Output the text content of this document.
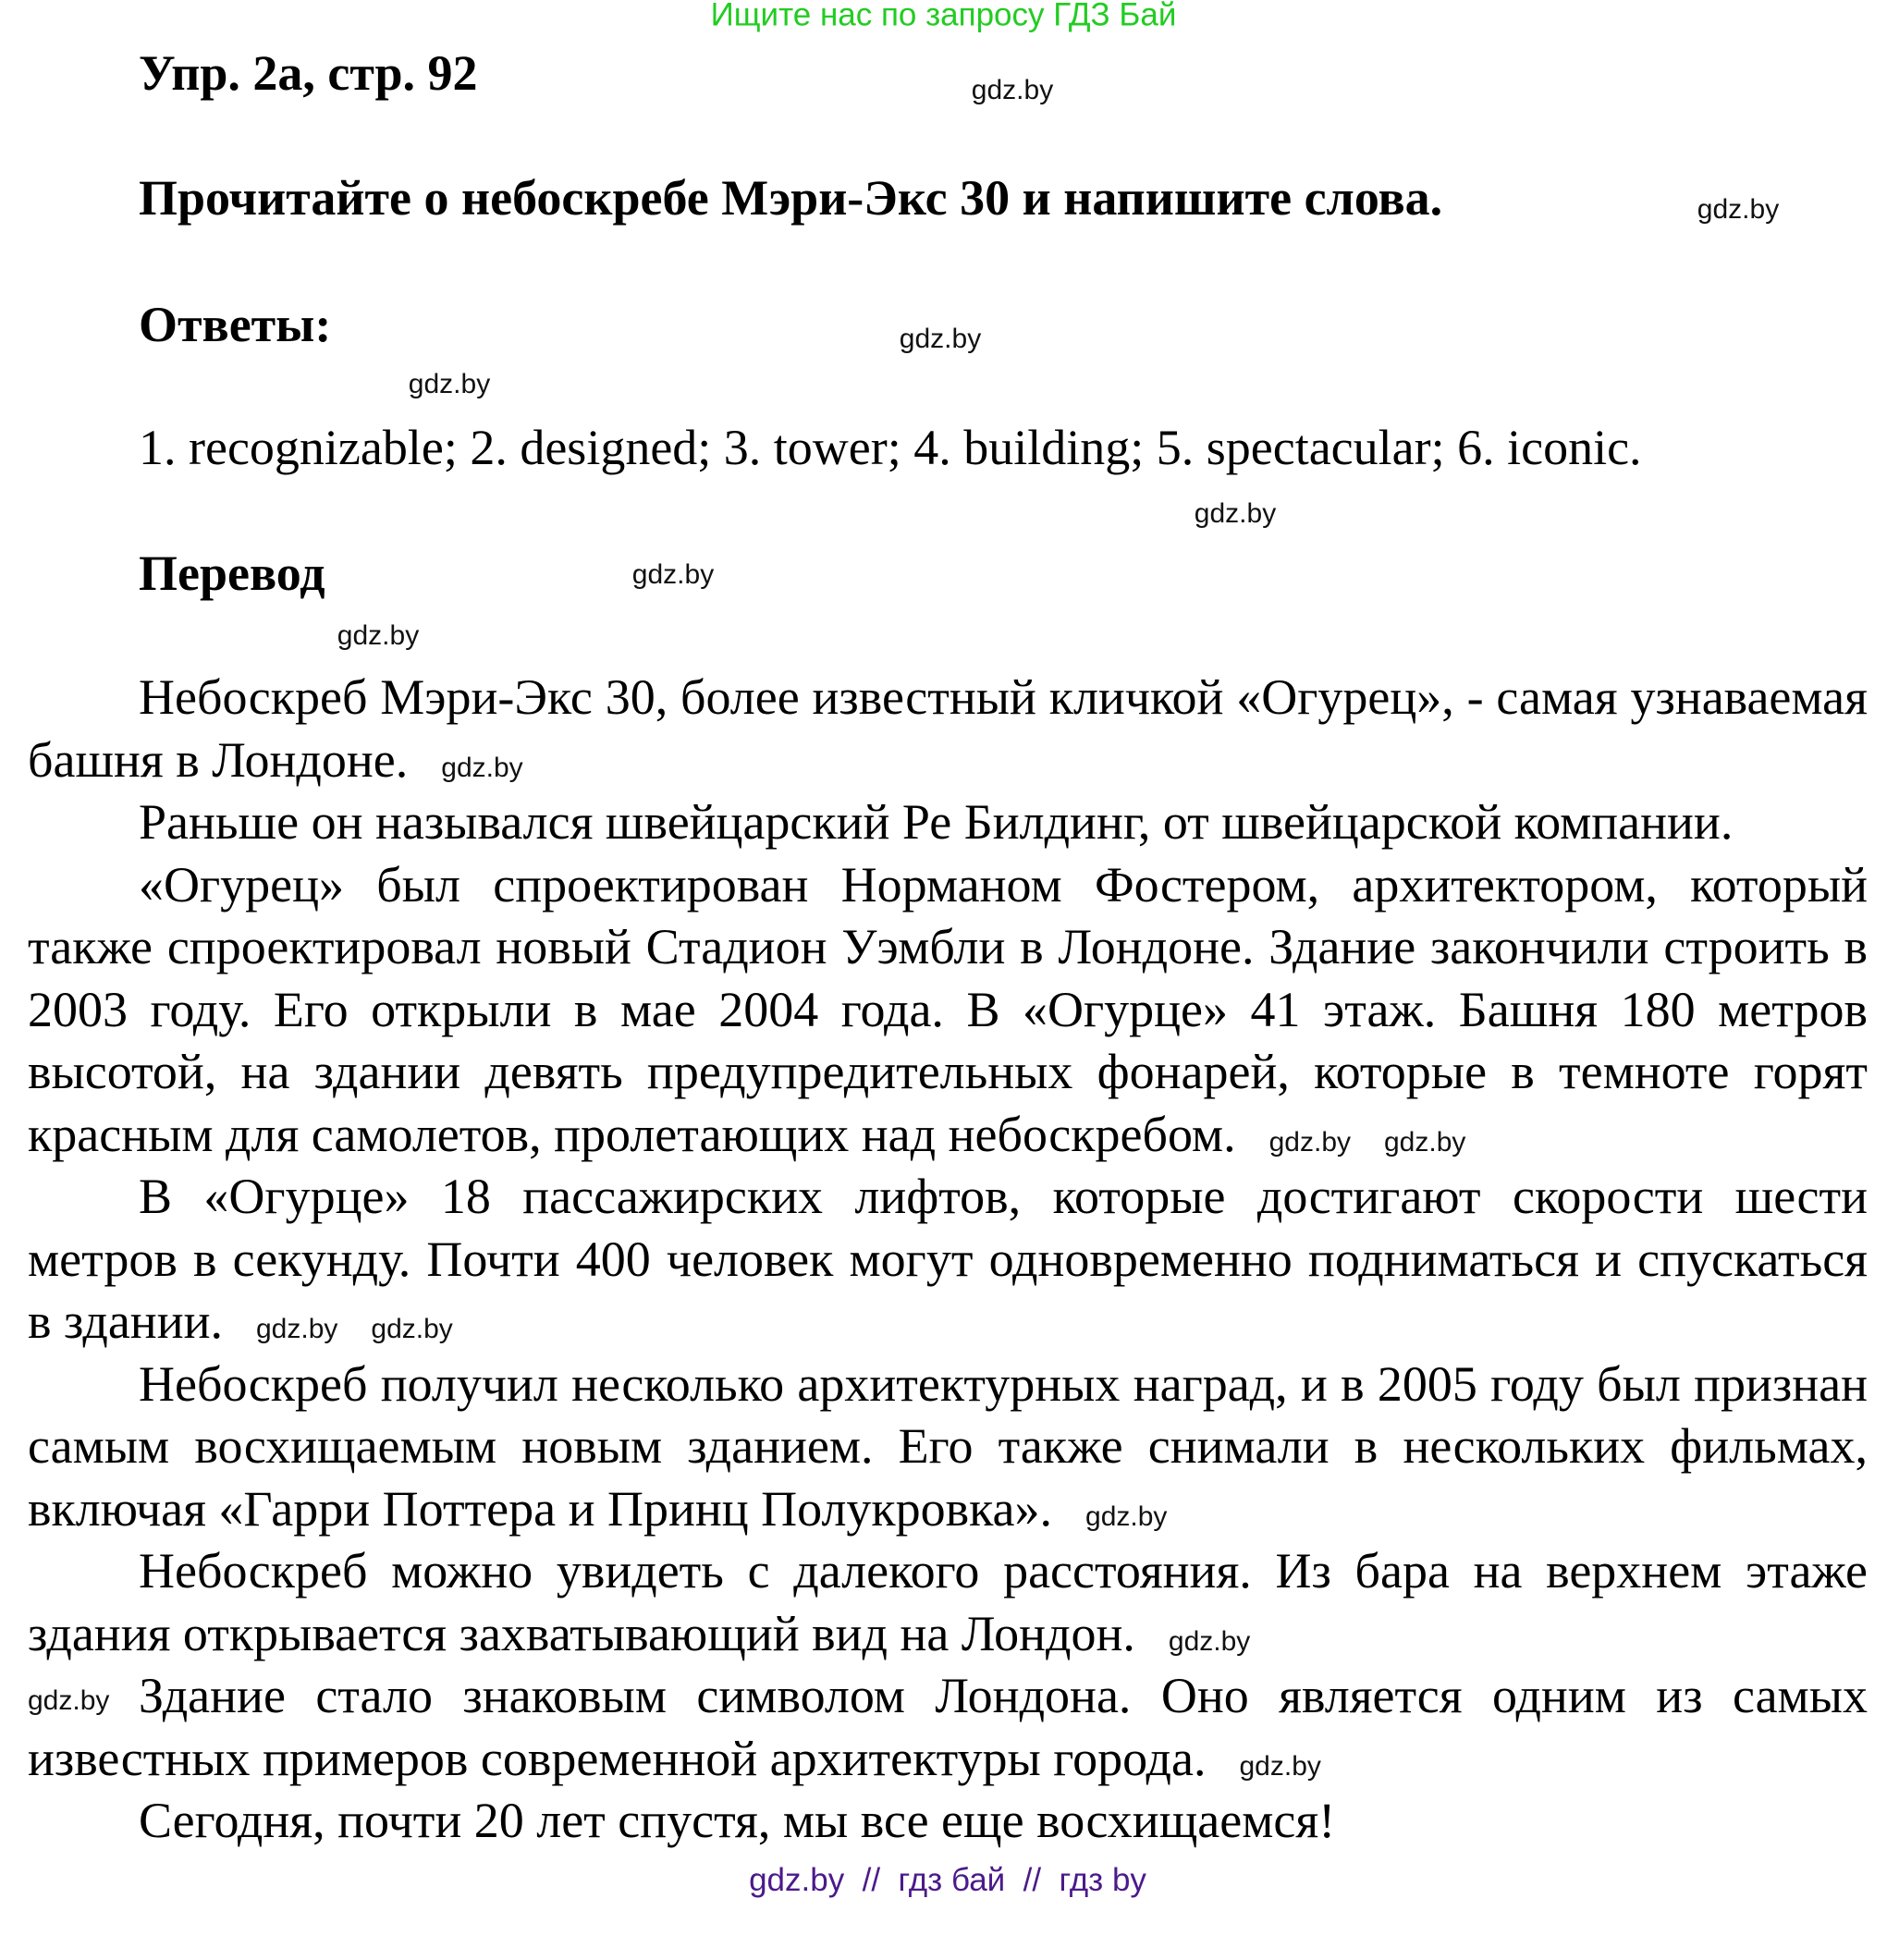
Ищите нас по запросу ГДЗ Бай
Упр. 2а, стр. 92
Прочитайте о небоскребе Мэри-Экс 30 и напишите слова.
Ответы:
1. recognizable; 2. designed; 3. tower; 4. building; 5. spectacular; 6. iconic.
Перевод
gdz.by
gdz.by
gdz.by
gdz.by
gdz.by
gdz.by
gdz.by

Небоскреб Мэри-Экс 30, более известный кличкой «Огурец», - самая узнаваемая башня в Лондоне. gdz.by

Раньше он назывался швейцарский Ре Билдинг, от швейцарской компании.

«Огурец» был спроектирован Норманом Фостером, архитектором, который также спроектировал новый Стадион Уэмбли в Лондоне. Здание закончили строить в 2003 году. Его открыли в мае 2004 года. В «Огурце» 41 этаж. Башня 180 метров высотой, на здании девять предупредительных фонарей, которые в темноте горят красным для самолетов, пролетающих над небоскребом. gdz.by gdz.by

В «Огурце» 18 пассажирских лифтов, которые достигают скорости шести метров в секунду. Почти 400 человек могут одновременно подниматься и спускаться в здании. gdz.by gdz.by

Небоскреб получил несколько архитектурных наград, и в 2005 году был признан самым восхищаемым новым зданием. Его также снимали в нескольких фильмах, включая «Гарри Поттера и Принц Полукровка». gdz.by

Небоскреб можно увидеть с далекого расстояния. Из бара на верхнем этаже здания открывается захватывающий вид на Лондон. gdz.by

gdz.by Здание стало знаковым символом Лондона. Оно является одним из самых известных примеров современной архитектуры города. gdz.by

Сегодня, почти 20 лет спустя, мы все еще восхищаемся!

gdz.by  //  гдз бай  //  гдз by
